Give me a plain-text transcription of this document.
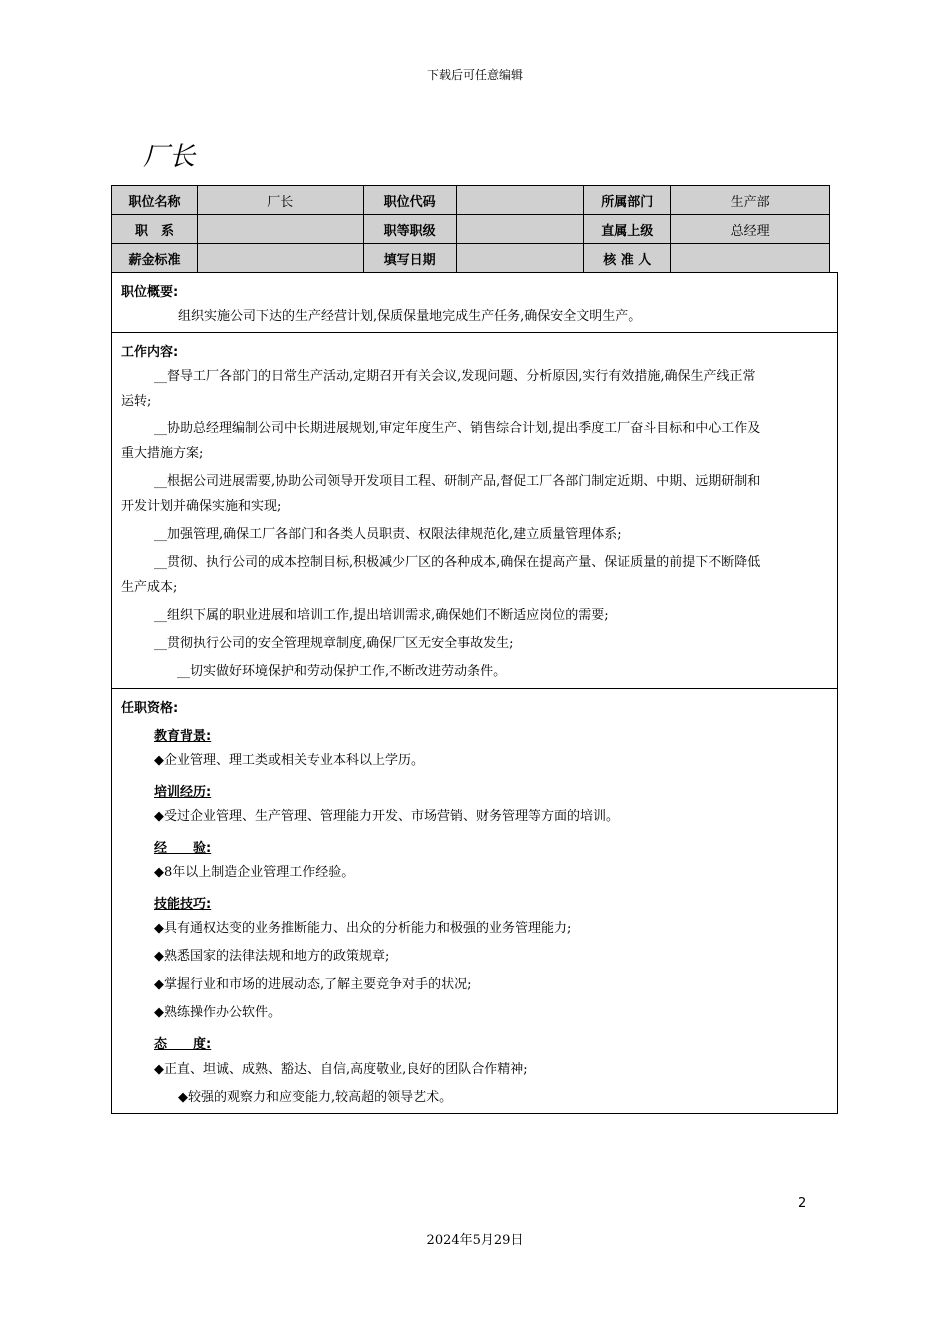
下载后可任意编辑
厂长
职位名称	厂长	职位代码		所属部门	生产部
职　系		职等职级		直属上级	总经理
薪金标准		填写日期		核 准 人	
职位概要:
组织实施公司下达的生产经营计划,保质保量地完成生产任务,确保安全文明生产。
工作内容:
__督导工厂各部门的日常生产活动,定期召开有关会议,发现问题、分析原因,实行有效措施,确保生产线正常
运转;
__协助总经理编制公司中长期进展规划,审定年度生产、销售综合计划,提出季度工厂奋斗目标和中心工作及
重大措施方案;
__根据公司进展需要,协助公司领导开发项目工程、研制产品,督促工厂各部门制定近期、中期、远期研制和
开发计划并确保实施和实现;
__加强管理,确保工厂各部门和各类人员职责、权限法律规范化,建立质量管理体系;
__贯彻、执行公司的成本控制目标,积极减少厂区的各种成本,确保在提高产量、保证质量的前提下不断降低
生产成本;
__组织下属的职业进展和培训工作,提出培训需求,确保她们不断适应岗位的需要;
__贯彻执行公司的安全管理规章制度,确保厂区无安全事故发生;
__切实做好环境保护和劳动保护工作,不断改进劳动条件。
任职资格:
教育背景:
◆企业管理、理工类或相关专业本科以上学历。
培训经历:
◆受过企业管理、生产管理、管理能力开发、市场营销、财务管理等方面的培训。
经　　验:
◆8年以上制造企业管理工作经验。
技能技巧:
◆具有通权达变的业务推断能力、出众的分析能力和极强的业务管理能力;
◆熟悉国家的法律法规和地方的政策规章;
◆掌握行业和市场的进展动态,了解主要竞争对手的状况;
◆熟练操作办公软件。
态　　度:
◆正直、坦诚、成熟、豁达、自信,高度敬业,良好的团队合作精神;
◆较强的观察力和应变能力,较高超的领导艺术。
2
2024年5月29日
